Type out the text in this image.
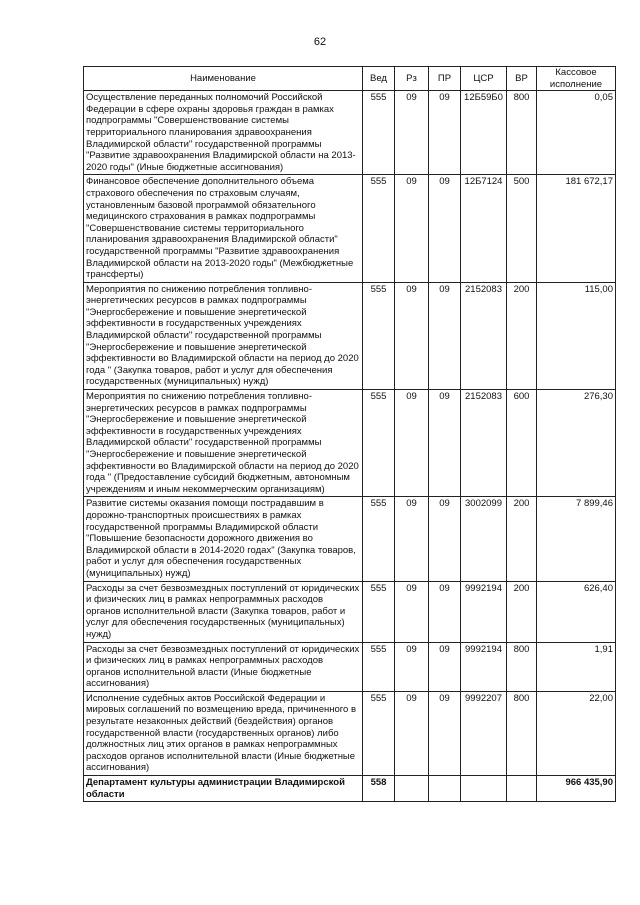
62
Наименование	Вед	Рз	ПР	ЦСР	ВР	Кассовое исполнение
Осуществление переданных полномочий Российской Федерации в сфере охраны здоровья граждан в рамках подпрограммы "Совершенствование системы территориального планирования здравоохранения Владимирской области" государственной программы "Развитие здравоохранения Владимирской области на 2013-2020 годы" (Иные бюджетные ассигнования)	555	09	09	12Б59Б0	800	0,05
Финансовое обеспечение дополнительного объема страхового обеспечения по страховым случаям, установленным базовой программой обязательного медицинского страхования в рамках подпрограммы "Совершенствование системы территориального планирования здравоохранения Владимирской области" государственной программы "Развитие здравоохранения Владимирской области на 2013-2020 годы" (Межбюджетные трансферты)	555	09	09	12Б7124	500	181 672,17
Мероприятия по снижению потребления топливно-энергетических ресурсов в рамках подпрограммы "Энергосбережение и повышение энергетической эффективности в государственных учреждениях Владимирской области" государственной программы "Энергосбережение и повышение энергетической эффективности во Владимирской области на период до 2020 года " (Закупка товаров, работ и услуг для обеспечения государственных (муниципальных) нужд)	555	09	09	2152083	200	115,00
Мероприятия по снижению потребления топливно-энергетических ресурсов в рамках подпрограммы "Энергосбережение и повышение энергетической эффективности в государственных учреждениях Владимирской области" государственной программы "Энергосбережение и повышение энергетической эффективности во Владимирской области на период до 2020 года " (Предоставление субсидий бюджетным, автономным учреждениям и иным некоммерческим организациям)	555	09	09	2152083	600	276,30
Развитие системы оказания помощи пострадавшим в дорожно-транспортных происшествиях в рамках государственной программы Владимирской области "Повышение безопасности дорожного движения во Владимирской области в 2014-2020 годах" (Закупка товаров, работ и услуг для обеспечения государственных (муниципальных) нужд)	555	09	09	3002099	200	7 899,46
Расходы за счет безвозмездных поступлений от юридических и физических лиц в рамках непрограммных расходов органов исполнительной власти (Закупка товаров, работ и услуг для обеспечения государственных (муниципальных) нужд)	555	09	09	9992194	200	626,40
Расходы за счет безвозмездных поступлений от юридических и физических лиц в рамках непрограммных расходов органов исполнительной власти (Иные бюджетные ассигнования)	555	09	09	9992194	800	1,91
Исполнение судебных актов Российской Федерации и мировых соглашений по возмещению вреда, причиненного в результате незаконных действий (бездействия) органов государственной власти (государственных органов) либо должностных лиц этих органов в рамках непрограммных расходов органов исполнительной власти (Иные бюджетные ассигнования)	555	09	09	9992207	800	22,00
Департамент культуры администрации Владимирской области	558					966 435,90
